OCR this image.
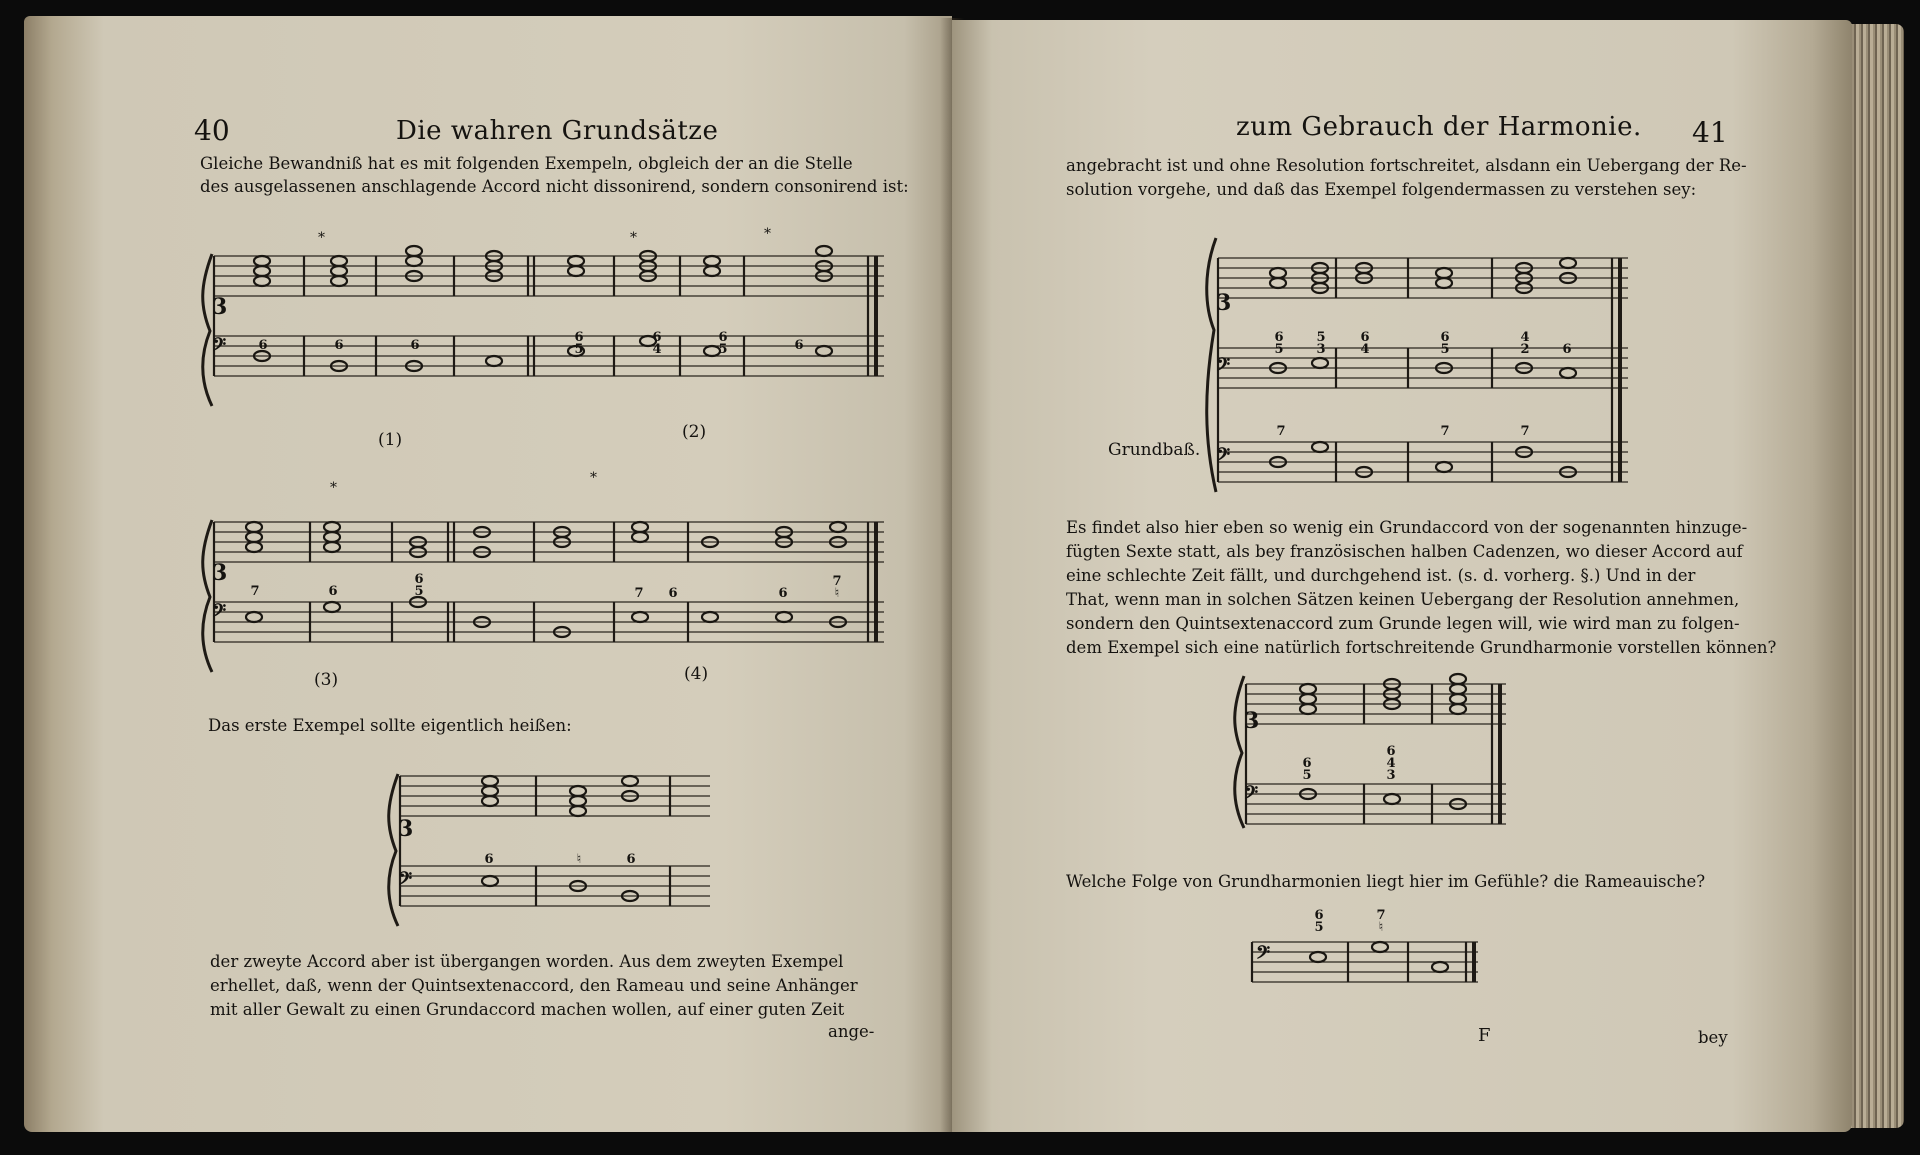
40	Die wahren Grundsätze
Gleiche Bewandniß hat es mit folgenden Exempeln, obgleich der an die Stelle
des ausgelassenen anschlagende Accord nicht dissonirend, sondern consonirend ist:
3
𝄢
*	*	*
6	6	6
6
5
6
4
6
5	6
(1)	(2)
3
𝄢
*
*
7	6
6
5	7	6	6
7
♮
(3)	(4)
Das erste Exempel sollte eigentlich heißen:
3
𝄢
6	♮	6
der zweyte Accord aber ist übergangen worden. Aus dem zweyten Exempel
erhellet, daß, wenn der Quintsextenaccord, den Rameau und seine Anhänger
mit aller Gewalt zu einen Grundaccord machen wollen, auf einer guten Zeit
ange-
zum Gebrauch der Harmonie. 41
angebracht ist und ohne Resolution fortschreitet, alsdann ein Uebergang der Re-
solution vorgehe, und daß das Exempel folgendermassen zu verstehen sey:
3
𝄢
𝄢
6
5
5
3
6
4
6
5
4
2	6
Grundbaß.
7	7	7
Es findet also hier eben so wenig ein Grundaccord von der sogenannten hinzuge-
fügten Sexte statt, als bey französischen halben Cadenzen, wo dieser Accord auf
eine schlechte Zeit fällt, und durchgehend ist. (s. d. vorherg. §.) Und in der
That, wenn man in solchen Sätzen keinen Uebergang der Resolution annehmen,
sondern den Quintsextenaccord zum Grunde legen will, wie wird man zu folgen-
dem Exempel sich eine natürlich fortschreitende Grundharmonie vorstellen können?
3
𝄢
6
5
6
4
3
Welche Folge von Grundharmonien liegt hier im Gefühle? die Rameauische?
𝄢
6
5
7
♮
F	bey
